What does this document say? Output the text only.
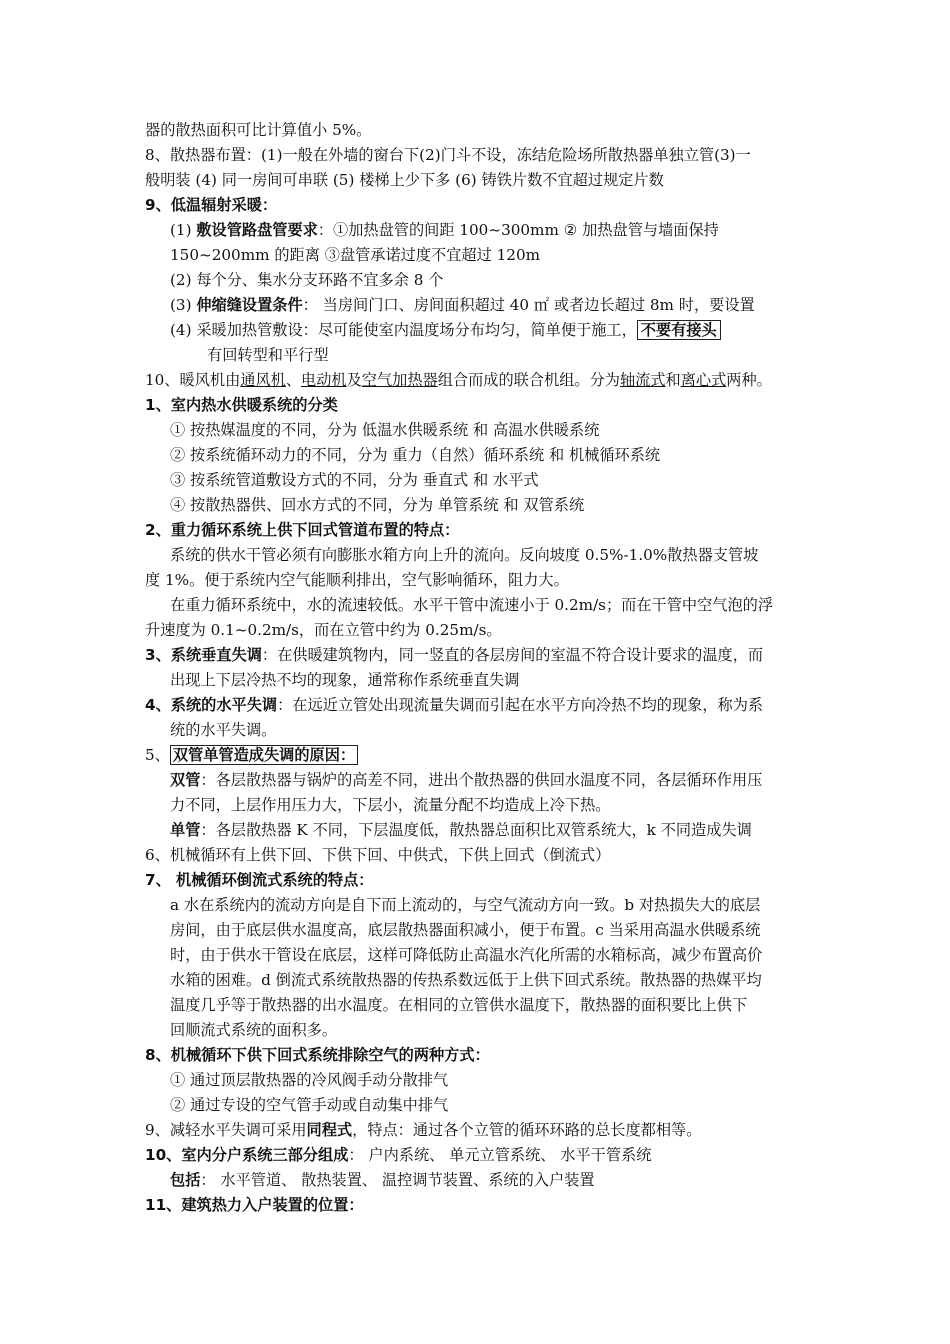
器的散热面积可比计算值小 5%。
8、散热器布置：(1)一般在外墙的窗台下(2)门斗不设，冻结危险场所散热器单独立管(3)一
般明装 (4) 同一房间可串联 (5) 楼梯上少下多 (6) 铸铁片数不宜超过规定片数
9、低温辐射采暖：
(1) 敷设管路盘管要求：①加热盘管的间距 100~300mm ② 加热盘管与墙面保持
150~200mm 的距离 ③盘管承诺过度不宜超过 120m
(2) 每个分、集水分支环路不宜多余 8 个
(3) 伸缩缝设置条件： 当房间门口、房间面积超过 40 ㎡ 或者边长超过 8m 时，要设置
(4) 采暖加热管敷设：尽可能使室内温度场分布均匀，简单便于施工， 不要有接头
有回转型和平行型
10、暖风机由通风机、电动机及空气加热器组合而成的联合机组。分为轴流式和离心式两种。
1、室内热水供暖系统的分类
① 按热媒温度的不同，分为 低温水供暖系统 和 高温水供暖系统
② 按系统循环动力的不同，分为 重力（自然）循环系统 和 机械循环系统
③ 按系统管道敷设方式的不同，分为 垂直式 和 水平式
④ 按散热器供、回水方式的不同，分为 单管系统 和 双管系统
2、重力循环系统上供下回式管道布置的特点：
系统的供水干管必须有向膨胀水箱方向上升的流向。反向坡度 0.5%-1.0%散热器支管坡
度 1%。便于系统内空气能顺利排出，空气影响循环，阻力大。
在重力循环系统中，水的流速较低。水平干管中流速小于 0.2m/s；而在干管中空气泡的浮
升速度为 0.1~0.2m/s，而在立管中约为 0.25m/s。
3、系统垂直失调：在供暖建筑物内，同一竖直的各层房间的室温不符合设计要求的温度，而
出现上下层冷热不均的现象，通常称作系统垂直失调
4、系统的水平失调：在远近立管处出现流量失调而引起在水平方向冷热不均的现象，称为系
统的水平失调。
5、 双管单管造成失调的原因：
双管：各层散热器与锅炉的高差不同，进出个散热器的供回水温度不同，各层循环作用压
力不同，上层作用压力大，下层小，流量分配不均造成上冷下热。
单管：各层散热器 K 不同，下层温度低，散热器总面积比双管系统大，k 不同造成失调
6、机械循环有上供下回、下供下回、中供式，下供上回式（倒流式）
7、 机械循环倒流式系统的特点：
a 水在系统内的流动方向是自下而上流动的，与空气流动方向一致。b 对热损失大的底层
房间，由于底层供水温度高，底层散热器面积减小，便于布置。c 当采用高温水供暖系统
时，由于供水干管设在底层，这样可降低防止高温水汽化所需的水箱标高，减少布置高价
水箱的困难。d 倒流式系统散热器的传热系数远低于上供下回式系统。散热器的热媒平均
温度几乎等于散热器的出水温度。在相同的立管供水温度下，散热器的面积要比上供下
回顺流式系统的面积多。
8、机械循环下供下回式系统排除空气的两种方式：
① 通过顶层散热器的冷风阀手动分散排气
② 通过专设的空气管手动或自动集中排气
9、减轻水平失调可采用同程式，特点：通过各个立管的循环环路的总长度都相等。
10、室内分户系统三部分组成： 户内系统、 单元立管系统、 水平干管系统
包括： 水平管道、 散热装置、 温控调节装置、系统的入户装置
11、建筑热力入户装置的位置：
